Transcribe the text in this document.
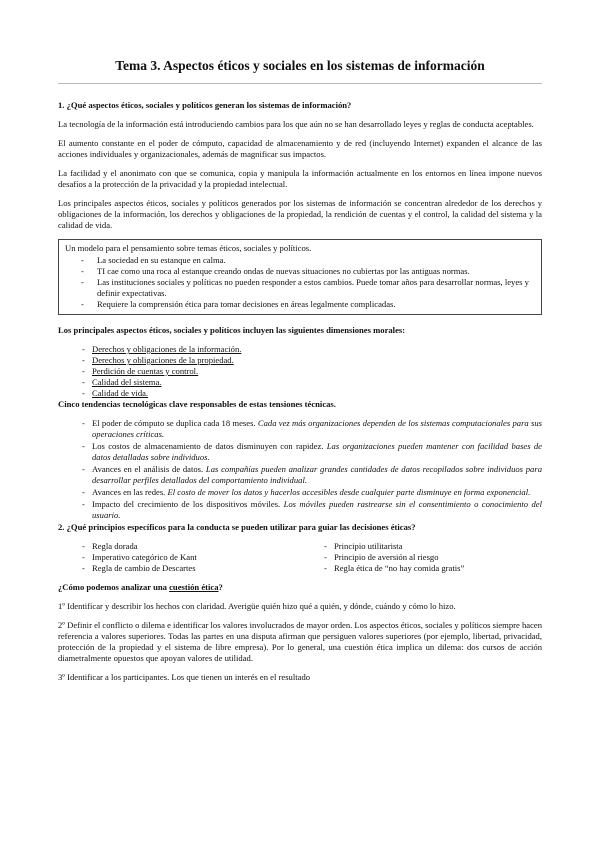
Tema 3. Aspectos éticos y sociales en los sistemas de información

1. ¿Qué aspectos éticos, sociales y políticos generan los sistemas de información?

La tecnología de la información está introduciendo cambios para los que aún no se han desarrollado leyes y reglas de conducta aceptables.

El aumento constante en el poder de cómputo, capacidad de almacenamiento y de red (incluyendo Internet) expanden el alcance de las acciones individuales y organizacionales, además de magnificar sus impactos.

La facilidad y el anonimato con que se comunica, copia y manipula la información actualmente en los entornos en línea impone nuevos desafíos a la protección de la privacidad y la propiedad intelectual.

Los principales aspectos éticos, sociales y políticos generados por los sistemas de información se concentran alrededor de los derechos y obligaciones de la información, los derechos y obligaciones de la propiedad, la rendición de cuentas y el control, la calidad del sistema y la calidad de vida.

Un modelo para el pensamiento sobre temas éticos, sociales y políticos.

- La sociedad en su estanque en calma.
- TI cae como una roca al estanque creando ondas de nuevas situaciones no cubiertas por las antiguas normas.
- Las instituciones sociales y políticas no pueden responder a estos cambios. Puede tomar años para desarrollar normas, leyes y definir expectativas.
- Requiere la comprensión ética para tomar decisiones en áreas legalmente complicadas.

Los principales aspectos éticos, sociales y políticos incluyen las siguientes dimensiones morales:

- Derechos y obligaciones de la información.
- Derechos y obligaciones de la propiedad.
- Perdición de cuentas y control.
- Calidad del sistema.
- Calidad de vida.

Cinco tendencias tecnológicas clave responsables de estas tensiones técnicas.

- El poder de cómputo se duplica cada 18 meses. Cada vez más organizaciones dependen de los sistemas computacionales para sus operaciones críticas.
- Los costos de almacenamiento de datos disminuyen con rapidez. Las organizaciones pueden mantener con facilidad bases de datos detalladas sobre individuos.
- Avances en el análisis de datos. Las compañías pueden analizar grandes cantidades de datos recopilados sobre individuos para desarrollar perfiles detallados del comportamiento individual.
- Avances en las redes. El costo de mover los datos y hacerlos accesibles desde cualquier parte disminuye en forma exponencial.
- Impacto del crecimiento de los dispositivos móviles. Los móviles pueden rastrearse sin el consentimiento o conocimiento del usuario.

2. ¿Qué principios específicos para la conducta se pueden utilizar para guiar las decisiones éticas?

- Regla dorada
- Imperativo categórico de Kant
- Regla de cambio de Descartes
- Principio utilitarista
- Principio de aversión al riesgo
- Regla ética de “no hay comida gratis”

¿Cómo podemos analizar una cuestión ética?

1º Identificar y describir los hechos con claridad. Averigüe quién hizo qué a quién, y dónde, cuándo y cómo lo hizo.

2º Definir el conflicto o dilema e identificar los valores involucrados de mayor orden. Los aspectos éticos, sociales y políticos siempre hacen referencia a valores superiores. Todas las partes en una disputa afirman que persiguen valores superiores (por ejemplo, libertad, privacidad, protección de la propiedad y el sistema de libre empresa). Por lo general, una cuestión ética implica un dilema: dos cursos de acción diametralmente opuestos que apoyan valores de utilidad.

3º Identificar a los participantes. Los que tienen un interés en el resultado
